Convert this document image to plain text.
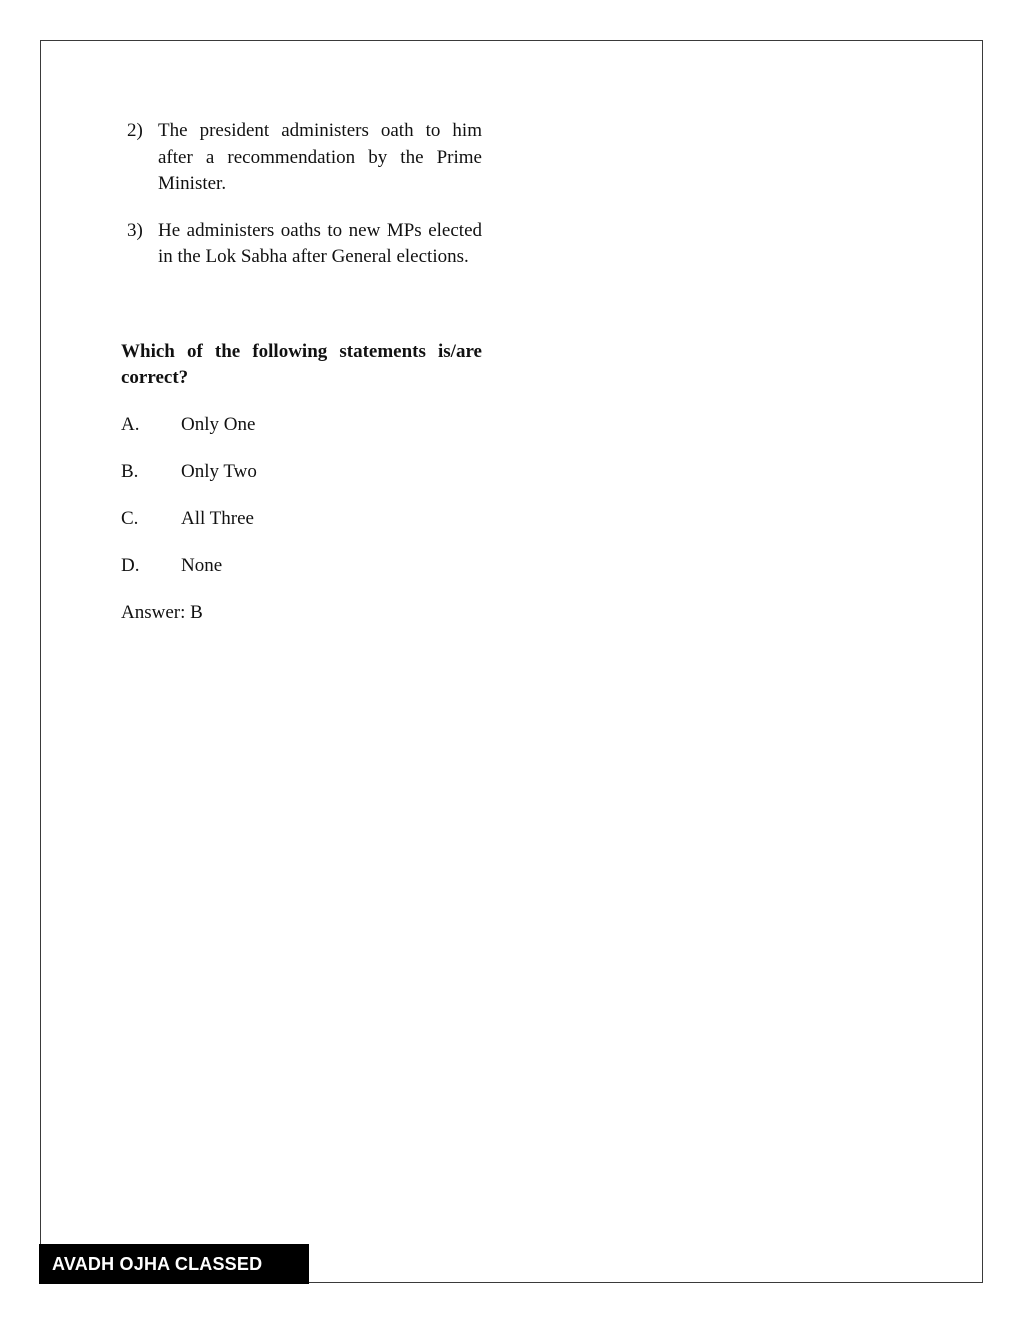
2) The president administers oath to him after a recommendation by the Prime Minister.
3) He administers oaths to new MPs elected in the Lok Sabha after General elections.

Which of the following statements is/are correct?

A.	Only One
B.	Only Two
C.	All Three
D.	None

Answer: B

AVADH OJHA CLASSED
